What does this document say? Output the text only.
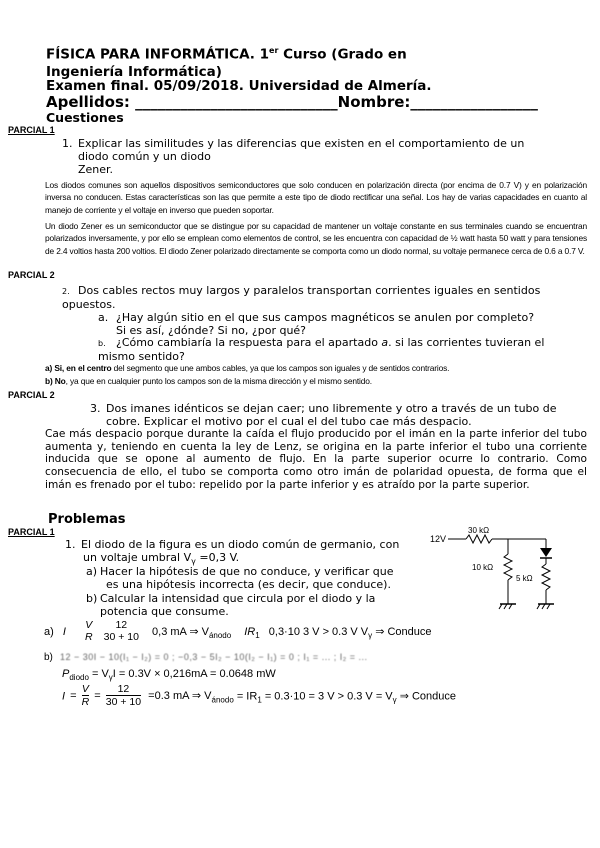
FÍSICA PARA INFORMÁTICA. 1er Curso (Grado en
Ingeniería Informática)
Examen final. 05/09/2018. Universidad de Almería.
Apellidos: ___________________________Nombre:_________________
Cuestiones
PARCIAL 1
1. Explicar las similitudes y las diferencias que existen en el comportamiento de un
diodo común y un diodo
Zener.
Los diodos comunes son aquellos dispositivos semiconductores que solo conducen en polarización directa (por encima de 0.7 V) y en polarización inversa no conducen. Estas características son las que permite a este tipo de diodo rectificar una señal. Los hay de varias capacidades en cuanto al manejo de corriente y el voltaje en inverso que pueden soportar.
Un diodo Zener es un semiconductor que se distingue por su capacidad de mantener un voltaje constante en sus terminales cuando se encuentran polarizados inversamente, y por ello se emplean como elementos de control, se les encuentra con capacidad de ½ watt hasta 50 watt y para tensiones de 2.4 voltios hasta 200 voltios. El diodo Zener polarizado directamente se comporta como un diodo normal, su voltaje permanece cerca de 0.6 a 0.7 V.
PARCIAL 2
2. Dos cables rectos muy largos y paralelos transportan corrientes iguales en sentidos
opuestos.
a. ¿Hay algún sitio en el que sus campos magnéticos se anulen por completo?
Si es así, ¿dónde? Si no, ¿por qué?
b. ¿Cómo cambiaría la respuesta para el apartado a. si las corrientes tuvieran el
mismo sentido?
a) Si, en el centro del segmento que une ambos cables, ya que los campos son iguales y de sentidos contrarios.
b) No, ya que en cualquier punto los campos son de la misma dirección y el mismo sentido.
PARCIAL 2
3. Dos imanes idénticos se dejan caer; uno libremente y otro a través de un tubo de
cobre. Explicar el motivo por el cual el del tubo cae más despacio.
Cae más despacio porque durante la caída el flujo producido por el imán en la parte inferior del tubo aumenta y, teniendo en cuenta la ley de Lenz, se origina en la parte inferior el tubo una corriente inducida que se opone al aumento de flujo. En la parte superior ocurre lo contrario. Como consecuencia de ello, el tubo se comporta como otro imán de polaridad opuesta, de forma que el imán es frenado por el tubo: repelido por la parte inferior y es atraído por la parte superior.
Problemas
PARCIAL 1
1. El diodo de la figura es un diodo común de germanio, con
un voltaje umbral $V_\gamma =0,3$ V.
a) Hacer la hipótesis de que no conduce, y verificar que
es una hipótesis incorrecta (es decir, que conduce).
b) Calcular la intensidad que circula por el diodo y la
potencia que consume.
12V
30 kΩ
10 kΩ
5 kΩ
a) I
V
R

12
30 + 10 0,3 mA ⇒ $V_{ánodo}$ $IR_1$ 0,3·10 3 V > 0.3 V $V_\gamma$ ⇒ Conduce
b) 12 − 30I − 10(I₁ − I₂) = 0 ; −0,3 − 5I₂ − 10(I₂ − I₁) = 0 ; I₁ = ... ; I₂ = ...
$P_{diodo} = V_\gamma I = 0.3V \times 0,216mA = 0.0648$ mW
$I = \frac{V}{R} = \frac{12}{30 + 10} =0.3$ mA ⇒ $V_{ánodo} = IR_1 = 0.3\cdot 10 = 3$ V > 0.3 $V = V_\gamma$ ⇒ Conduce
